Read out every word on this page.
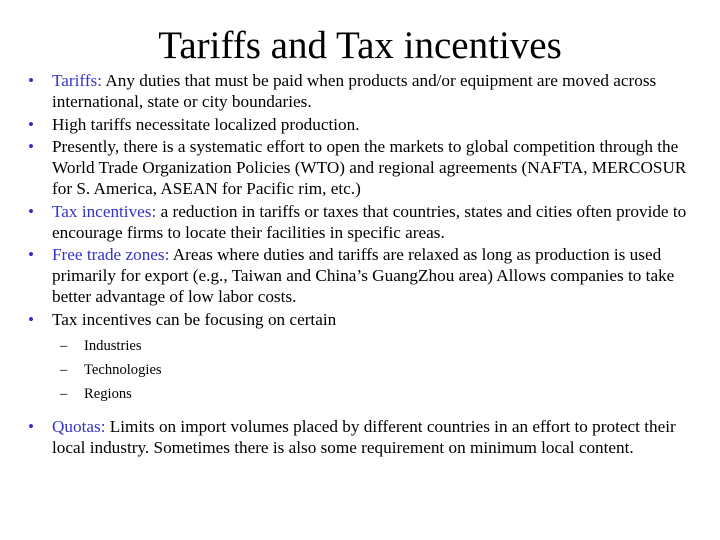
Tariffs and Tax incentives
•	Tariffs: Any duties that must be paid when products and/or equipment are moved across international, state or city boundaries.
•	High tariffs necessitate localized production.
•	Presently, there is a systematic effort to open the markets to global competition through the World Trade Organization Policies (WTO) and regional agreements (NAFTA, MERCOSUR for S. America, ASEAN for Pacific rim, etc.)
•	Tax incentives: a reduction in tariffs or taxes that countries, states and cities often provide to encourage firms to locate their facilities in specific areas.
•	Free trade zones: Areas where duties and tariffs are relaxed as long as production is used primarily for export (e.g., Taiwan and China’s GuangZhou area) Allows companies to take better advantage of low labor costs.
•	Tax incentives can be focusing on certain
– Industries
– Technologies
– Regions
•	Quotas: Limits on import volumes placed by different countries in an effort to protect their local industry. Sometimes there is also some requirement on minimum local content.
